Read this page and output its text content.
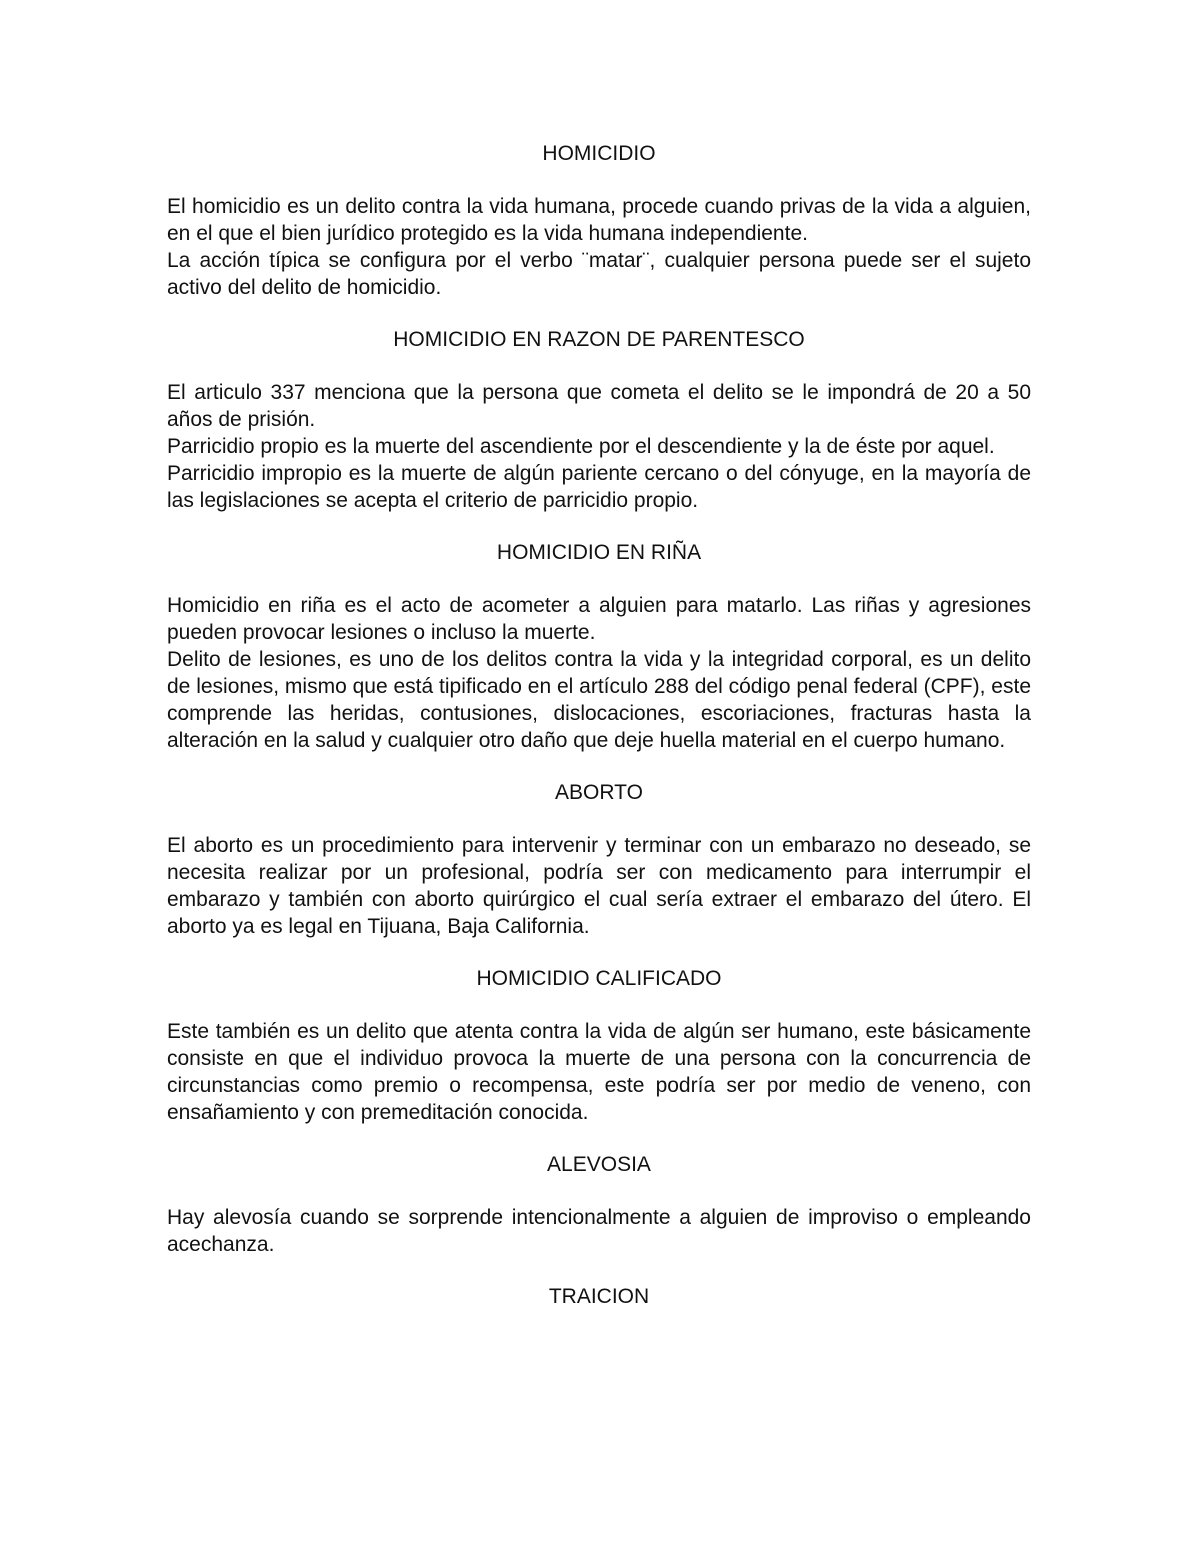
HOMICIDIO

El homicidio es un delito contra la vida humana, procede cuando privas de la vida a alguien, en el que el bien jurídico protegido es la vida humana independiente.

La acción típica se configura por el verbo ¨matar¨, cualquier persona puede ser el sujeto activo del delito de homicidio.

HOMICIDIO EN RAZON DE PARENTESCO

El articulo 337 menciona que la persona que cometa el delito se le impondrá de 20 a 50 años de prisión.

Parricidio propio es la muerte del ascendiente por el descendiente y la de éste por aquel.

Parricidio impropio es la muerte de algún pariente cercano o del cónyuge, en la mayoría de las legislaciones se acepta el criterio de parricidio propio.

HOMICIDIO EN RIÑA

Homicidio en riña es el acto de acometer a alguien para matarlo. Las riñas y agresiones pueden provocar lesiones o incluso la muerte.

Delito de lesiones, es uno de los delitos contra la vida y la integridad corporal, es un delito de lesiones, mismo que está tipificado en el artículo 288 del código penal federal (CPF), este comprende las heridas, contusiones, dislocaciones, escoriaciones, fracturas hasta la alteración en la salud y cualquier otro daño que deje huella material en el cuerpo humano.

ABORTO

El aborto es un procedimiento para intervenir y terminar con un embarazo no deseado, se necesita realizar por un profesional, podría ser con medicamento para interrumpir el embarazo y también con aborto quirúrgico el cual sería extraer el embarazo del útero. El aborto ya es legal en Tijuana, Baja California.

HOMICIDIO CALIFICADO

Este también es un delito que atenta contra la vida de algún ser humano, este básicamente consiste en que el individuo provoca la muerte de una persona con la concurrencia de circunstancias como premio o recompensa, este podría ser por medio de veneno, con ensañamiento y con premeditación conocida.

ALEVOSIA

Hay alevosía cuando se sorprende intencionalmente a alguien de improviso o empleando acechanza.

TRAICION
